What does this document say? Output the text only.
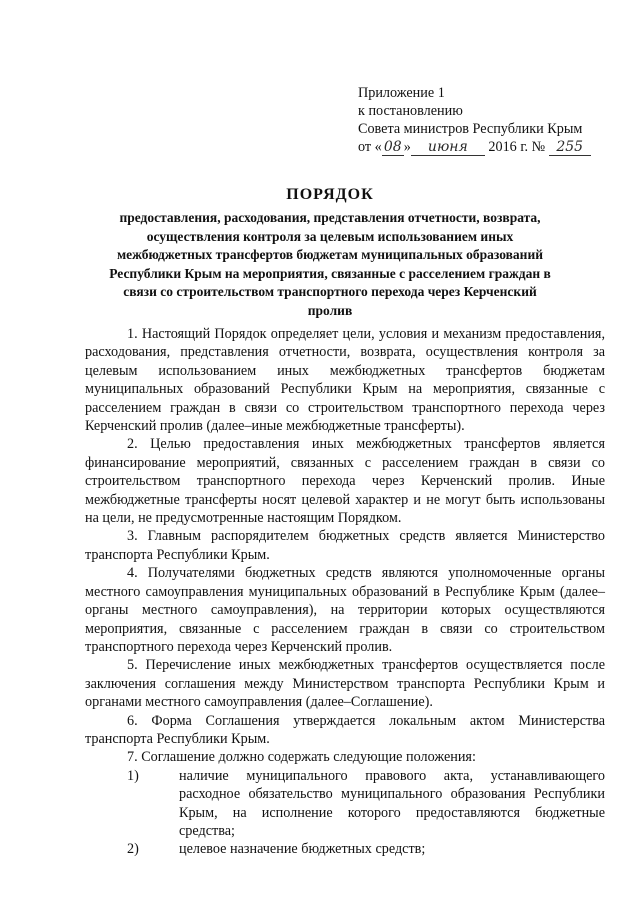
Приложение 1
к постановлению
Совета министров Республики Крым
от « 08 » июня 2016 г. № 255
ПОРЯДОК
предоставления, расходования, представления отчетности, возврата, осуществления контроля за целевым использованием иных межбюджетных трансфертов бюджетам муниципальных образований Республики Крым на мероприятия, связанные с расселением граждан в связи со строительством транспортного перехода через Керченский пролив

1. Настоящий Порядок определяет цели, условия и механизм предоставления, расходования, представления отчетности, возврата, осуществления контроля за целевым использованием иных межбюджетных трансфертов бюджетам муниципальных образований Республики Крым на мероприятия, связанные с расселением граждан в связи со строительством транспортного перехода через Керченский пролив (далее–иные межбюджетные трансферты).

2. Целью предоставления иных межбюджетных трансфертов является финансирование мероприятий, связанных с расселением граждан в связи со строительством транспортного перехода через Керченский пролив. Иные межбюджетные трансферты носят целевой характер и не могут быть использованы на цели, не предусмотренные настоящим Порядком.

3. Главным распорядителем бюджетных средств является Министерство транспорта Республики Крым.

4. Получателями бюджетных средств являются уполномоченные органы местного самоуправления муниципальных образований в Республике Крым (далее–органы местного самоуправления), на территории которых осуществляются мероприятия, связанные с расселением граждан в связи со строительством транспортного перехода через Керченский пролив.

5. Перечисление иных межбюджетных трансфертов осуществляется после заключения соглашения между Министерством транспорта Республики Крым и органами местного самоуправления (далее–Соглашение).

6. Форма Соглашения утверждается локальным актом Министерства транспорта Республики Крым.

7. Соглашение должно содержать следующие положения:

1)	наличие муниципального правового акта, устанавливающего расходное обязательство муниципального образования Республики Крым, на исполнение которого предоставляются бюджетные средства;

2)	целевое назначение бюджетных средств;
